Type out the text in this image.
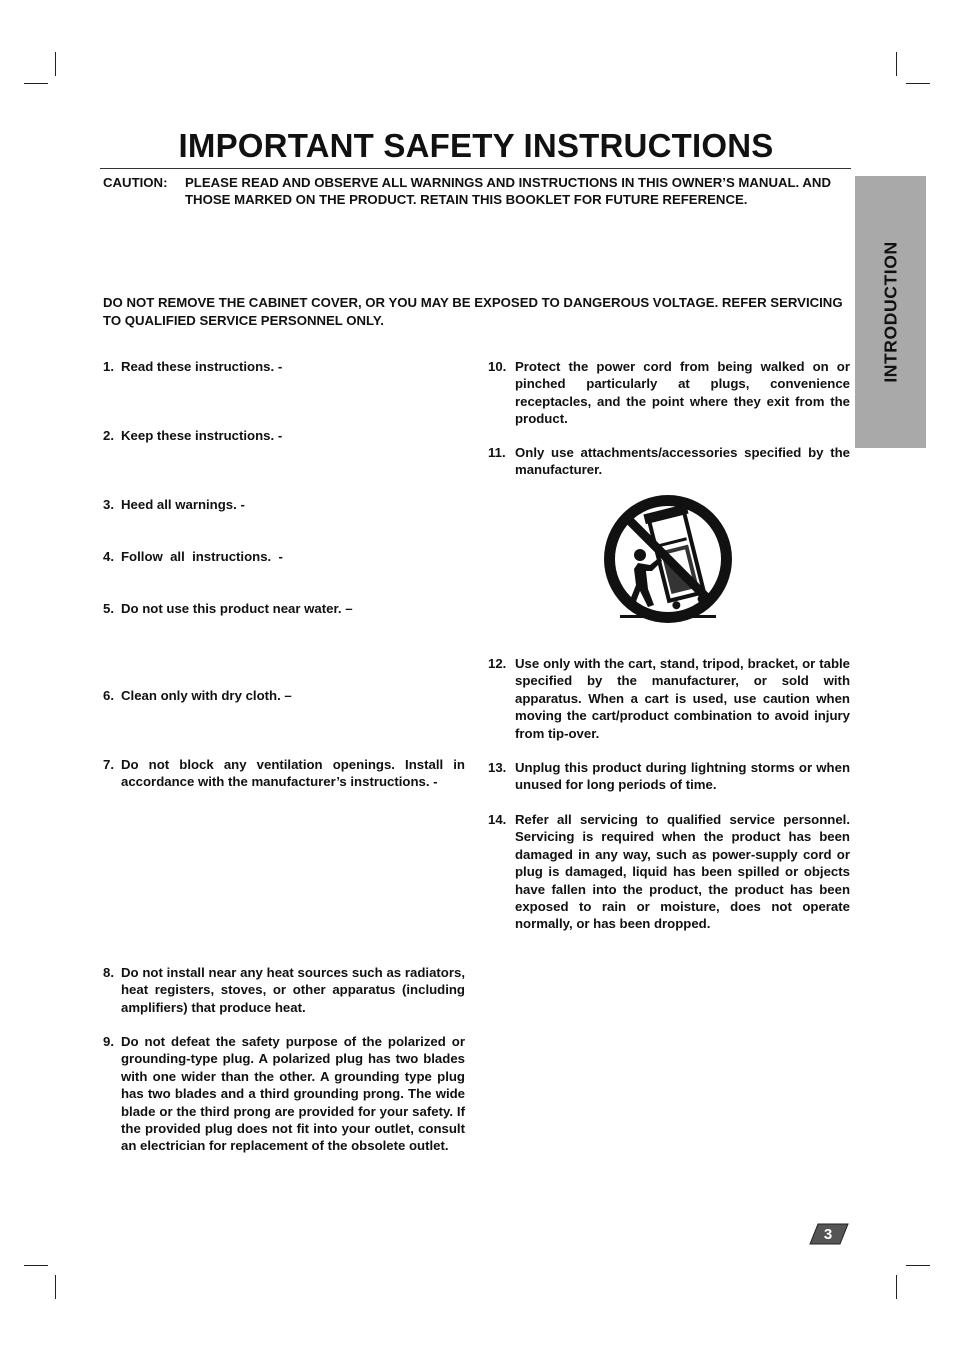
IMPORTANT SAFETY INSTRUCTIONS
CAUTION: PLEASE READ AND OBSERVE ALL WARNINGS AND INSTRUCTIONS IN THIS OWNER’S MANUAL. AND THOSE MARKED ON THE PRODUCT. RETAIN THIS BOOKLET FOR FUTURE REFERENCE.
DO NOT REMOVE THE CABINET COVER, OR YOU MAY BE EXPOSED TO DANGEROUS VOLTAGE. REFER SERVICING TO QUALIFIED SERVICE PERSONNEL ONLY.	INTRODUCTION
1. Read these instructions. -
2. Keep these instructions. -
3. Heed all warnings. -
4. Follow  all  instructions.  -
5. Do not use this product near water. –
6. Clean only with dry cloth. –
7. Do not block any ventilation openings. Install in accordance with the manufacturer’s instructions. -
8. Do not install near any heat sources such as radiators, heat registers, stoves, or other apparatus (including amplifiers) that produce heat.
9. Do not defeat the safety purpose of the polarized or grounding-type plug. A polarized plug has two blades with one wider than the other. A grounding type plug has two blades and a third grounding prong. The wide blade or the third prong are provided for your safety. If the provided plug does not fit into your outlet, consult an electrician for replacement of the obsolete outlet.
10. Protect the power cord from being walked on or pinched particularly at plugs, convenience receptacles, and the point where they exit from the product.
11. Only use attachments/accessories specified by the manufacturer.
12. Use only with the cart, stand, tripod, bracket, or table specified by the manufacturer, or sold with apparatus. When a cart is used, use caution when moving the cart/product combination to avoid injury from tip-over.
13. Unplug this product during lightning storms or when unused for long periods of time.
14. Refer all servicing to qualified service personnel. Servicing is required when the product has been damaged in any way, such as power-supply cord or plug is damaged, liquid has been spilled or objects have fallen into the product, the product has been exposed to rain or moisture, does not operate normally, or has been dropped.
3
